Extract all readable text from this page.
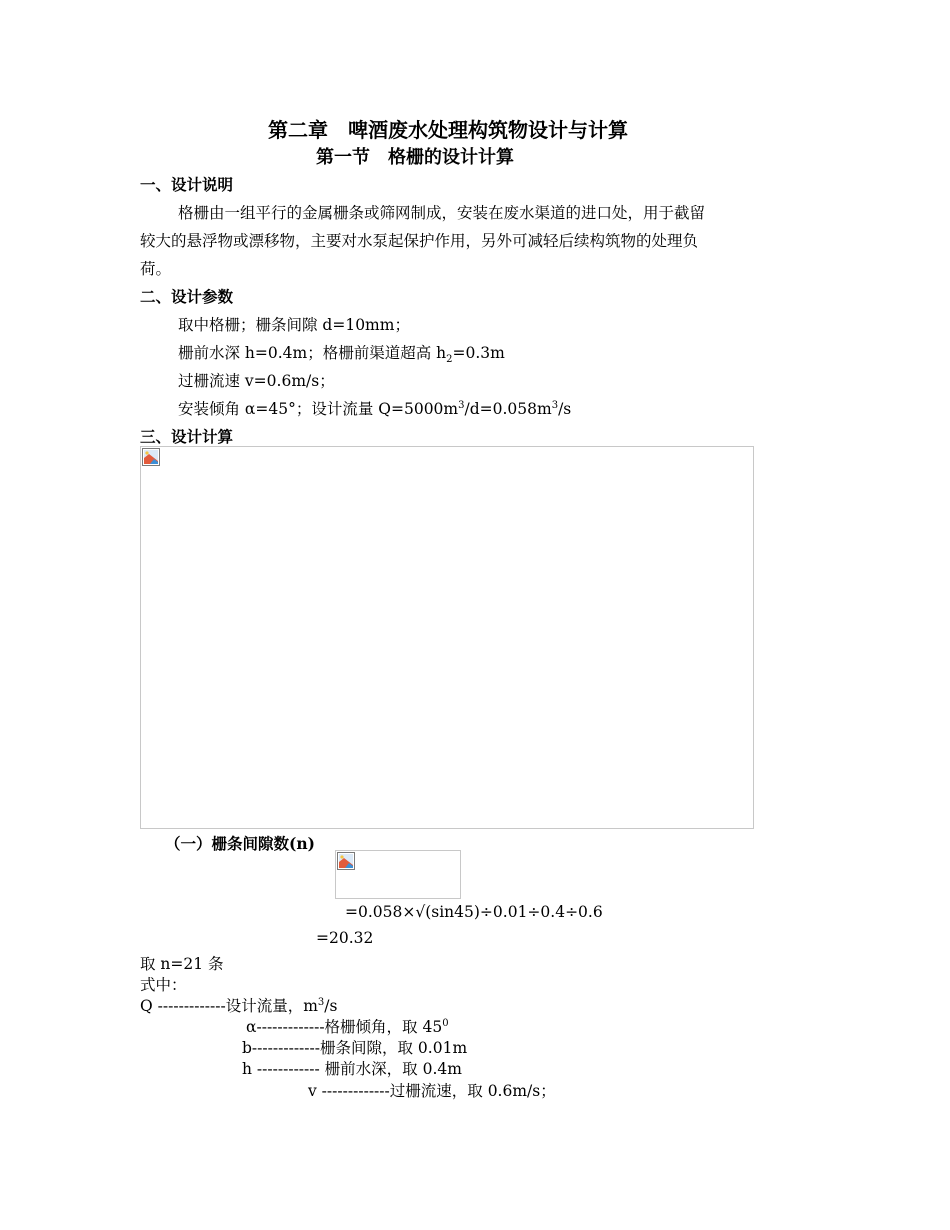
第二章　啤酒废水处理构筑物设计与计算
第一节　格栅的设计计算
一、设计说明
格栅由一组平行的金属栅条或筛网制成，安装在废水渠道的进口处，用于截留
较大的悬浮物或漂移物，主要对水泵起保护作用，另外可减轻后续构筑物的处理负
荷。
二、设计参数
取中格栅；栅条间隙 d=10mm；
栅前水深 h=0.4m；格栅前渠道超高 $h_2=0.3m$
过栅流速 v=0.6m/s；
安装倾角 α=45°；设计流量 $Q=5000m^3/d=0.058m^3/s$
三、设计计算
（一）栅条间隙数(n)
=0.058×√(sin45)÷0.01÷0.4÷0.6
=20.32
取 n=21 条
式中：
Q -------------设计流量，$m^3/s$
α-------------格栅倾角，取 $45^0$
b-------------栅条间隙，取 0.01m
h ------------ 栅前水深，取 0.4m
v -------------过栅流速，取 0.6m/s；
